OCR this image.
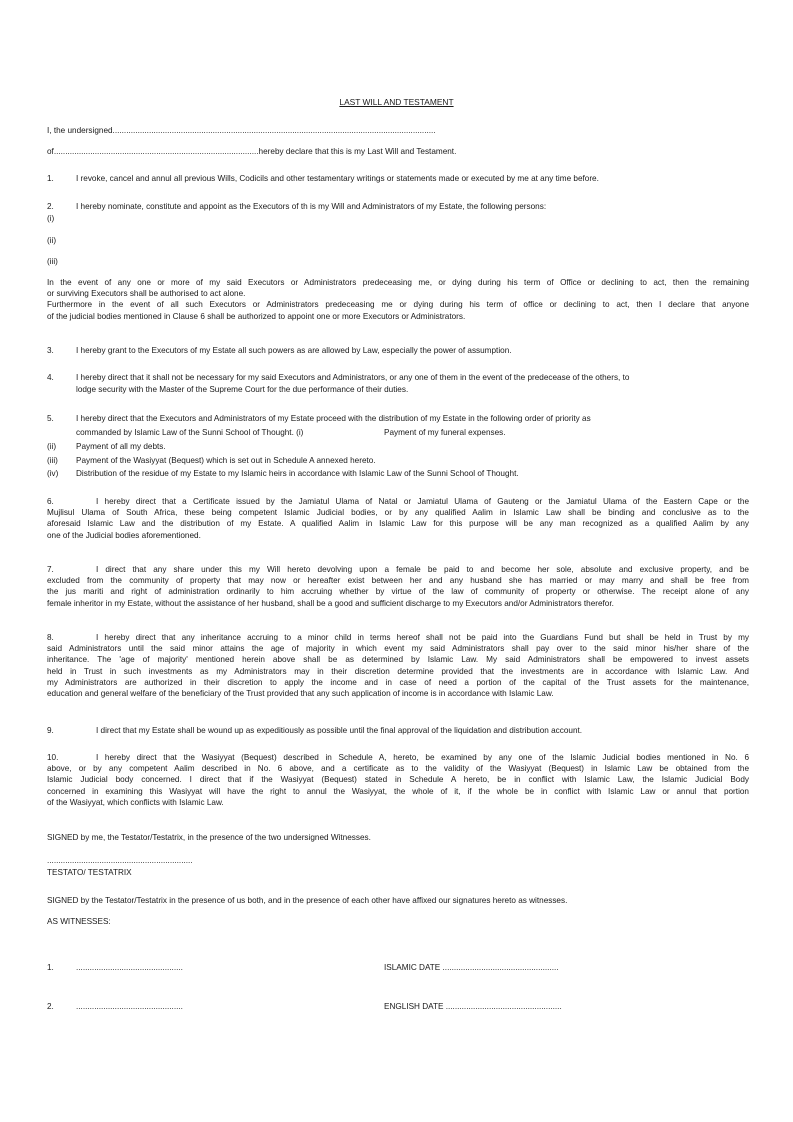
LAST WILL AND TESTAMENT
I, the undersigned..............................................................................................................................................
of..........................................................................................hereby declare that this is my Last Will and Testament.
1.	I revoke, cancel and annul all previous Wills, Codicils and other testamentary writings or statements made or executed by me at any time before.
2.	I hereby nominate, constitute and appoint as the Executors of th is my Will and Administrators of my Estate, the following persons:
(i)
(ii)
(iii)
In the event of any one or more of my said Executors or Administrators predeceasing me, or dying during his term of Office or declining to act, then the remaining
or surviving Executors shall be authorised to act alone.
Furthermore in the event of all such Executors or Administrators predeceasing me or dying during his term of office or declining to act, then I declare that anyone
of the judicial bodies mentioned in Clause 6 shall be authorized to appoint one or more Executors or Administrators.
3.	I hereby grant to the Executors of my Estate all such powers as are allowed by Law, especially the power of assumption.
4.	I hereby direct that it shall not be necessary for my said Executors and Administrators, or any one of them in the event of the predecease of the others, to
lodge security with the Master of the Supreme Court for the due performance of their duties.
5.	I hereby direct that the Executors and Administrators of my Estate proceed with the distribution of my Estate in the following order of priority as
commanded by Islamic Law of the Sunni School of Thought. (i)	Payment of my funeral expenses.
(ii) Payment of all my debts.
(iii) Payment of the Wasiyyat (Bequest) which is set out in Schedule A annexed hereto.
(iv) Distribution of the residue of my Estate to my Islamic heirs in accordance with Islamic Law of the Sunni School of Thought.
6.	I hereby direct that a Certificate issued by the Jamiatul Ulama of Natal or Jamiatul Ulama of Gauteng or the Jamiatul Ulama of the Eastern Cape or the
Mujlisul Ulama of South Africa, these being competent Islamic Judicial bodies, or by any qualified Aalim in Islamic Law shall be binding and conclusive as to the
aforesaid Islamic Law and the distribution of my Estate. A qualified Aalim in Islamic Law for this purpose will be any man recognized as a qualified Aalim by any
one of the Judicial bodies aforementioned.
7.	I direct that any share under this my Will hereto devolving upon a female be paid to and become her sole, absolute and exclusive property, and be
excluded from the community of property that may now or hereafter exist between her and any husband she has married or may marry and shall be free from
the jus mariti and right of administration ordinarily to him accruing whether by virtue of the law of community of property or otherwise. The receipt alone of any
female inheritor in my Estate, without the assistance of her husband, shall be a good and sufficient discharge to my Executors and/or Administrators therefor.
8.	I hereby direct that any inheritance accruing to a minor child in terms hereof shall not be paid into the Guardians Fund but shall be held in Trust by my
said Administrators until the said minor attains the age of majority in which event my said Administrators shall pay over to the said minor his/her share of the
inheritance. The 'age of majority' mentioned herein above shall be as determined by Islamic Law. My said Administrators shall be empowered to invest assets
held in Trust in such investments as my Administrators may in their discretion determine provided that the investments are in accordance with Islamic Law. And
my Administrators are authorized in their discretion to apply the income and in case of need a portion of the capital of the Trust assets for the maintenance,
education and general welfare of the beneficiary of the Trust provided that any such application of income is in accordance with Islamic Law.
9.	I direct that my Estate shall be wound up as expeditiously as possible until the final approval of the liquidation and distribution account.
10.	I hereby direct that the Wasiyyat (Bequest) described in Schedule A, hereto, be examined by any one of the Islamic Judicial bodies mentioned in No. 6
above, or by any competent Aalim described in No. 6 above, and a certificate as to the validity of the Wasiyyat (Bequest) in Islamic Law be obtained from the
Islamic Judicial body concerned. I direct that if the Wasiyyat (Bequest) stated in Schedule A hereto, be in conflict with Islamic Law, the Islamic Judicial Body
concerned in examining this Wasiyyat will have the right to annul the Wasiyyat, the whole of it, if the whole be in conflict with Islamic Law or annul that portion
of the Wasiyyat, which conflicts with Islamic Law.
SIGNED by me, the Testator/Testatrix, in the presence of the two undersigned Witnesses.
................................................................
TESTATO/ TESTATRIX
SIGNED by the Testator/Testatrix in the presence of us both, and in the presence of each other have affixed our signatures hereto as witnesses.
AS WITNESSES:
1.	...............................................	ISLAMIC DATE ...................................................
2.	...............................................	ENGLISH DATE ...................................................
